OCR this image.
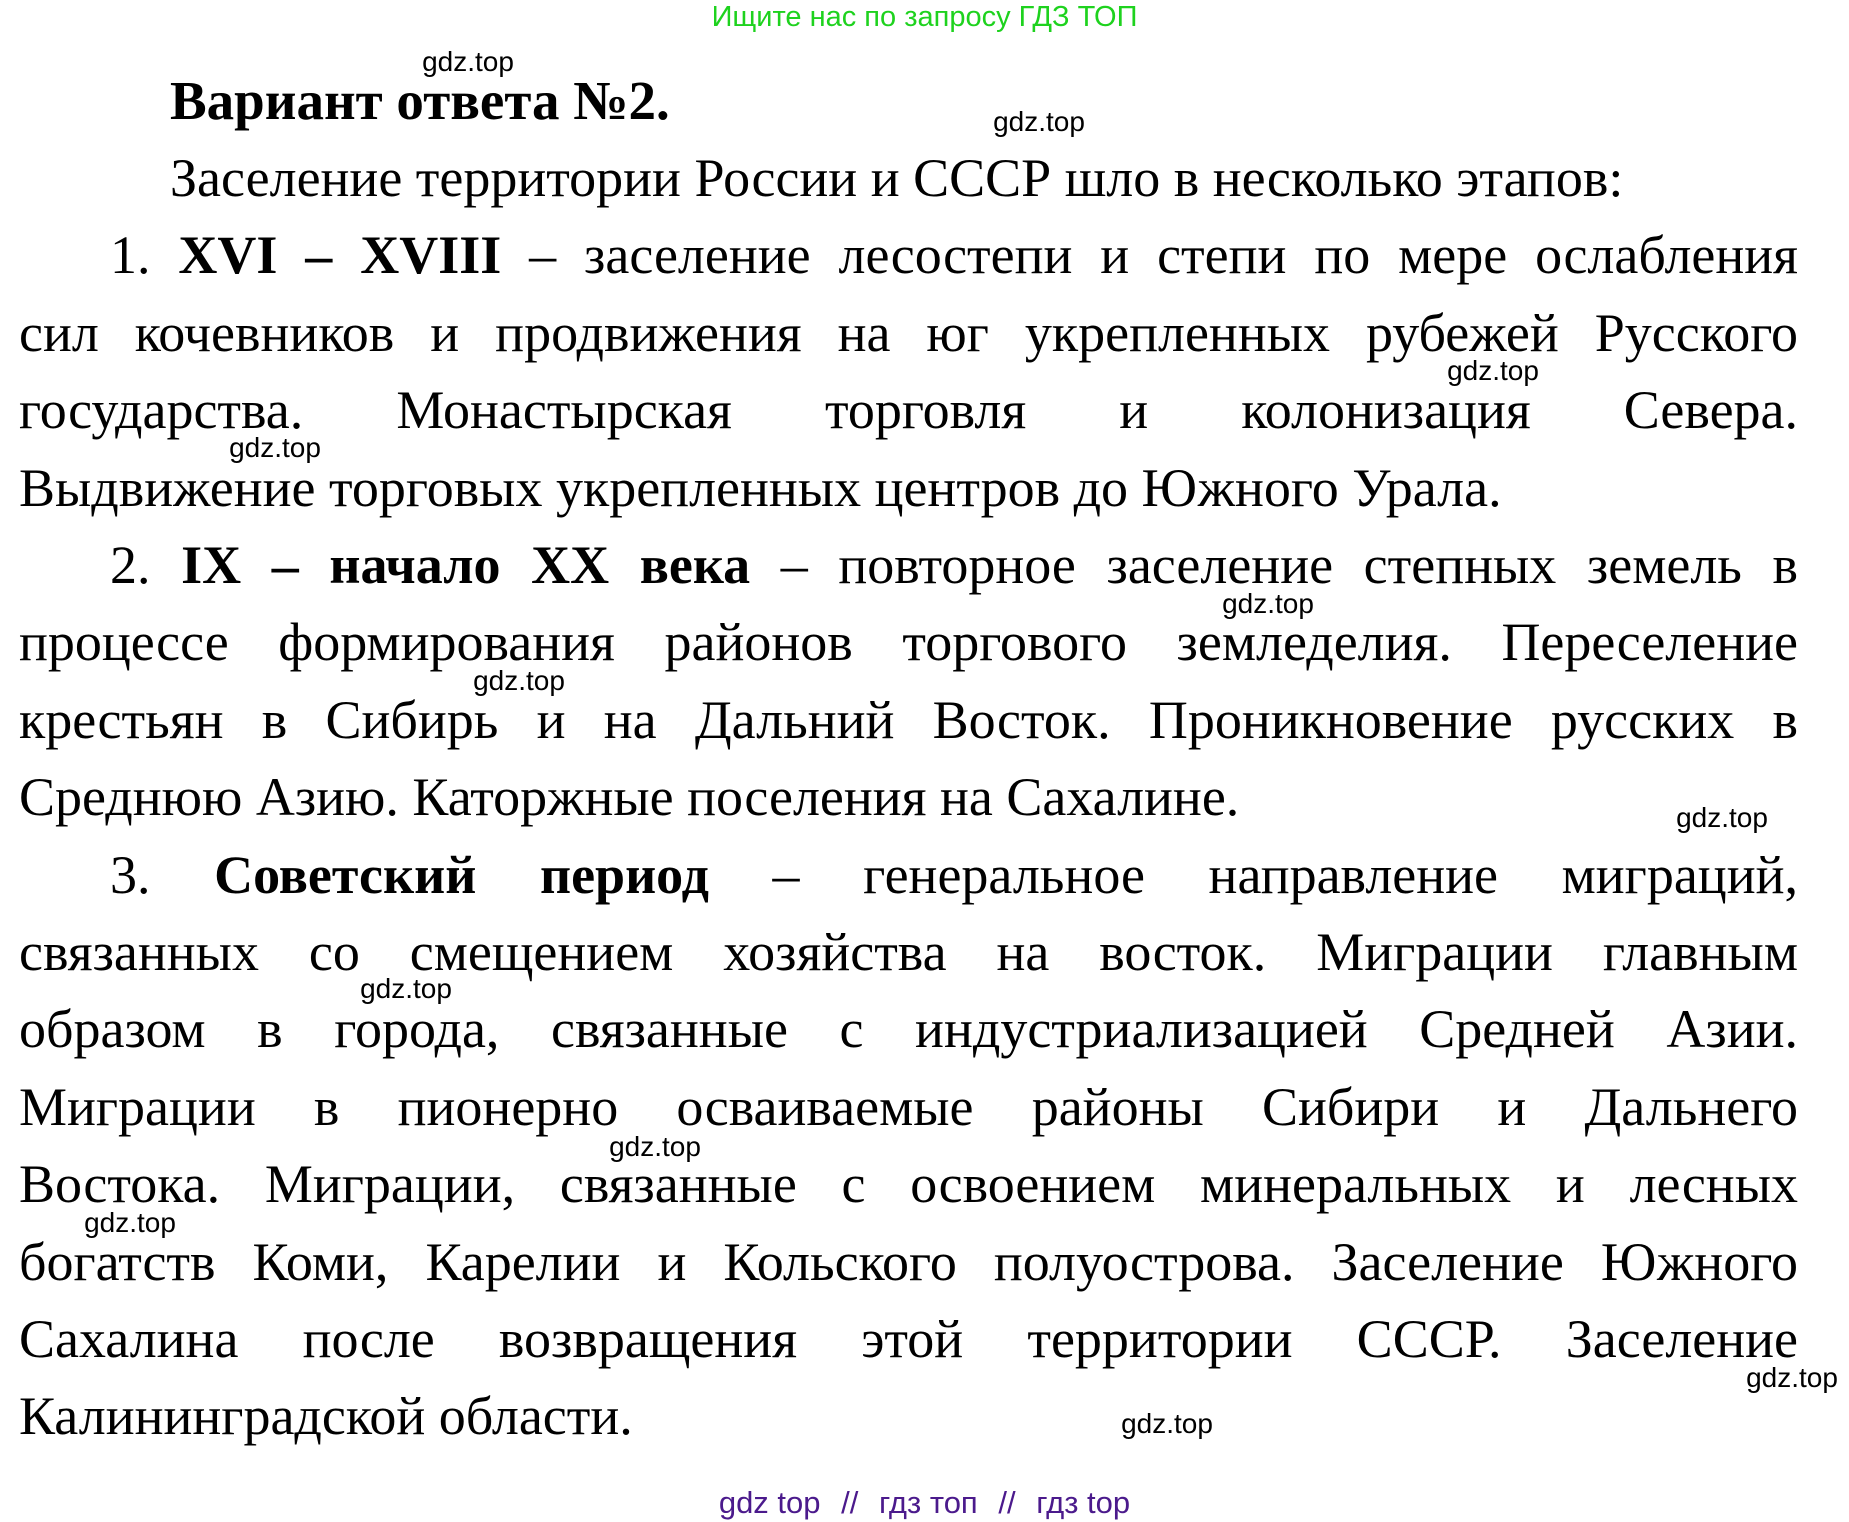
Ищите нас по запросу ГДЗ ТОП
Вариант ответа №2.
Заселение территории России и СССР шло в несколько этапов:
1. XVI – XVIII – заселение лесостепи и степи по мере ослабления
сил кочевников и продвижения на юг укрепленных рубежей Русского
государства. Монастырская торговля и колонизация Севера.
Выдвижение торговых укрепленных центров до Южного Урала.
2. IX – начало XX века – повторное заселение степных земель в
процессе формирования районов торгового земледелия. Переселение
крестьян в Сибирь и на Дальний Восток. Проникновение русских в
Среднюю Азию. Каторжные поселения на Сахалине.
3. Советский период – генеральное направление миграций,
связанных со смещением хозяйства на восток. Миграции главным
образом в города, связанные с индустриализацией Средней Азии.
Миграции в пионерно осваиваемые районы Сибири и Дальнего
Востока. Миграции, связанные с освоением минеральных и лесных
богатств Коми, Карелии и Кольского полуострова. Заселение Южного
Сахалина после возвращения этой территории СССР. Заселение
Калининградской области.
gdz.top
gdz.top
gdz.top
gdz.top
gdz.top
gdz.top
gdz.top
gdz.top
gdz.top
gdz.top
gdz.top
gdz.top
gdz top // гдз топ // гдз top
